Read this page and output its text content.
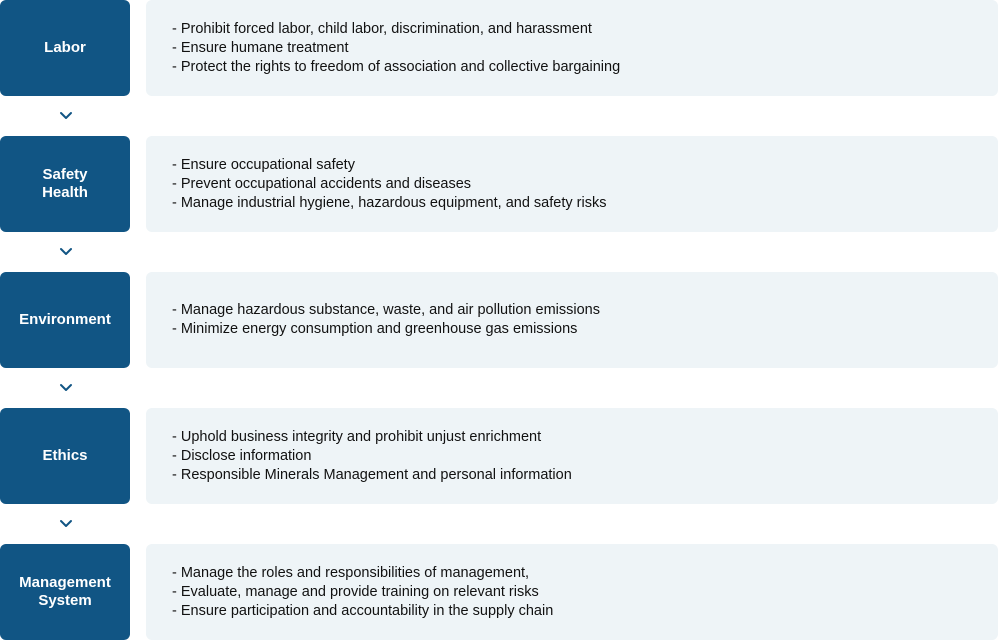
Labor
- Prohibit forced labor, child labor, discrimination, and harassment
- Ensure humane treatment
- Protect the rights to freedom of association and collective bargaining
Safety
Health
- Ensure occupational safety
- Prevent occupational accidents and diseases
- Manage industrial hygiene, hazardous equipment, and safety risks
Environment
- Manage hazardous substance, waste, and air pollution emissions
- Minimize energy consumption and greenhouse gas emissions
Ethics
- Uphold business integrity and prohibit unjust enrichment
- Disclose information
- Responsible Minerals Management and personal information
Management
System
- Manage the roles and responsibilities of management,
- Evaluate, manage and provide training on relevant risks
- Ensure participation and accountability in the supply chain
